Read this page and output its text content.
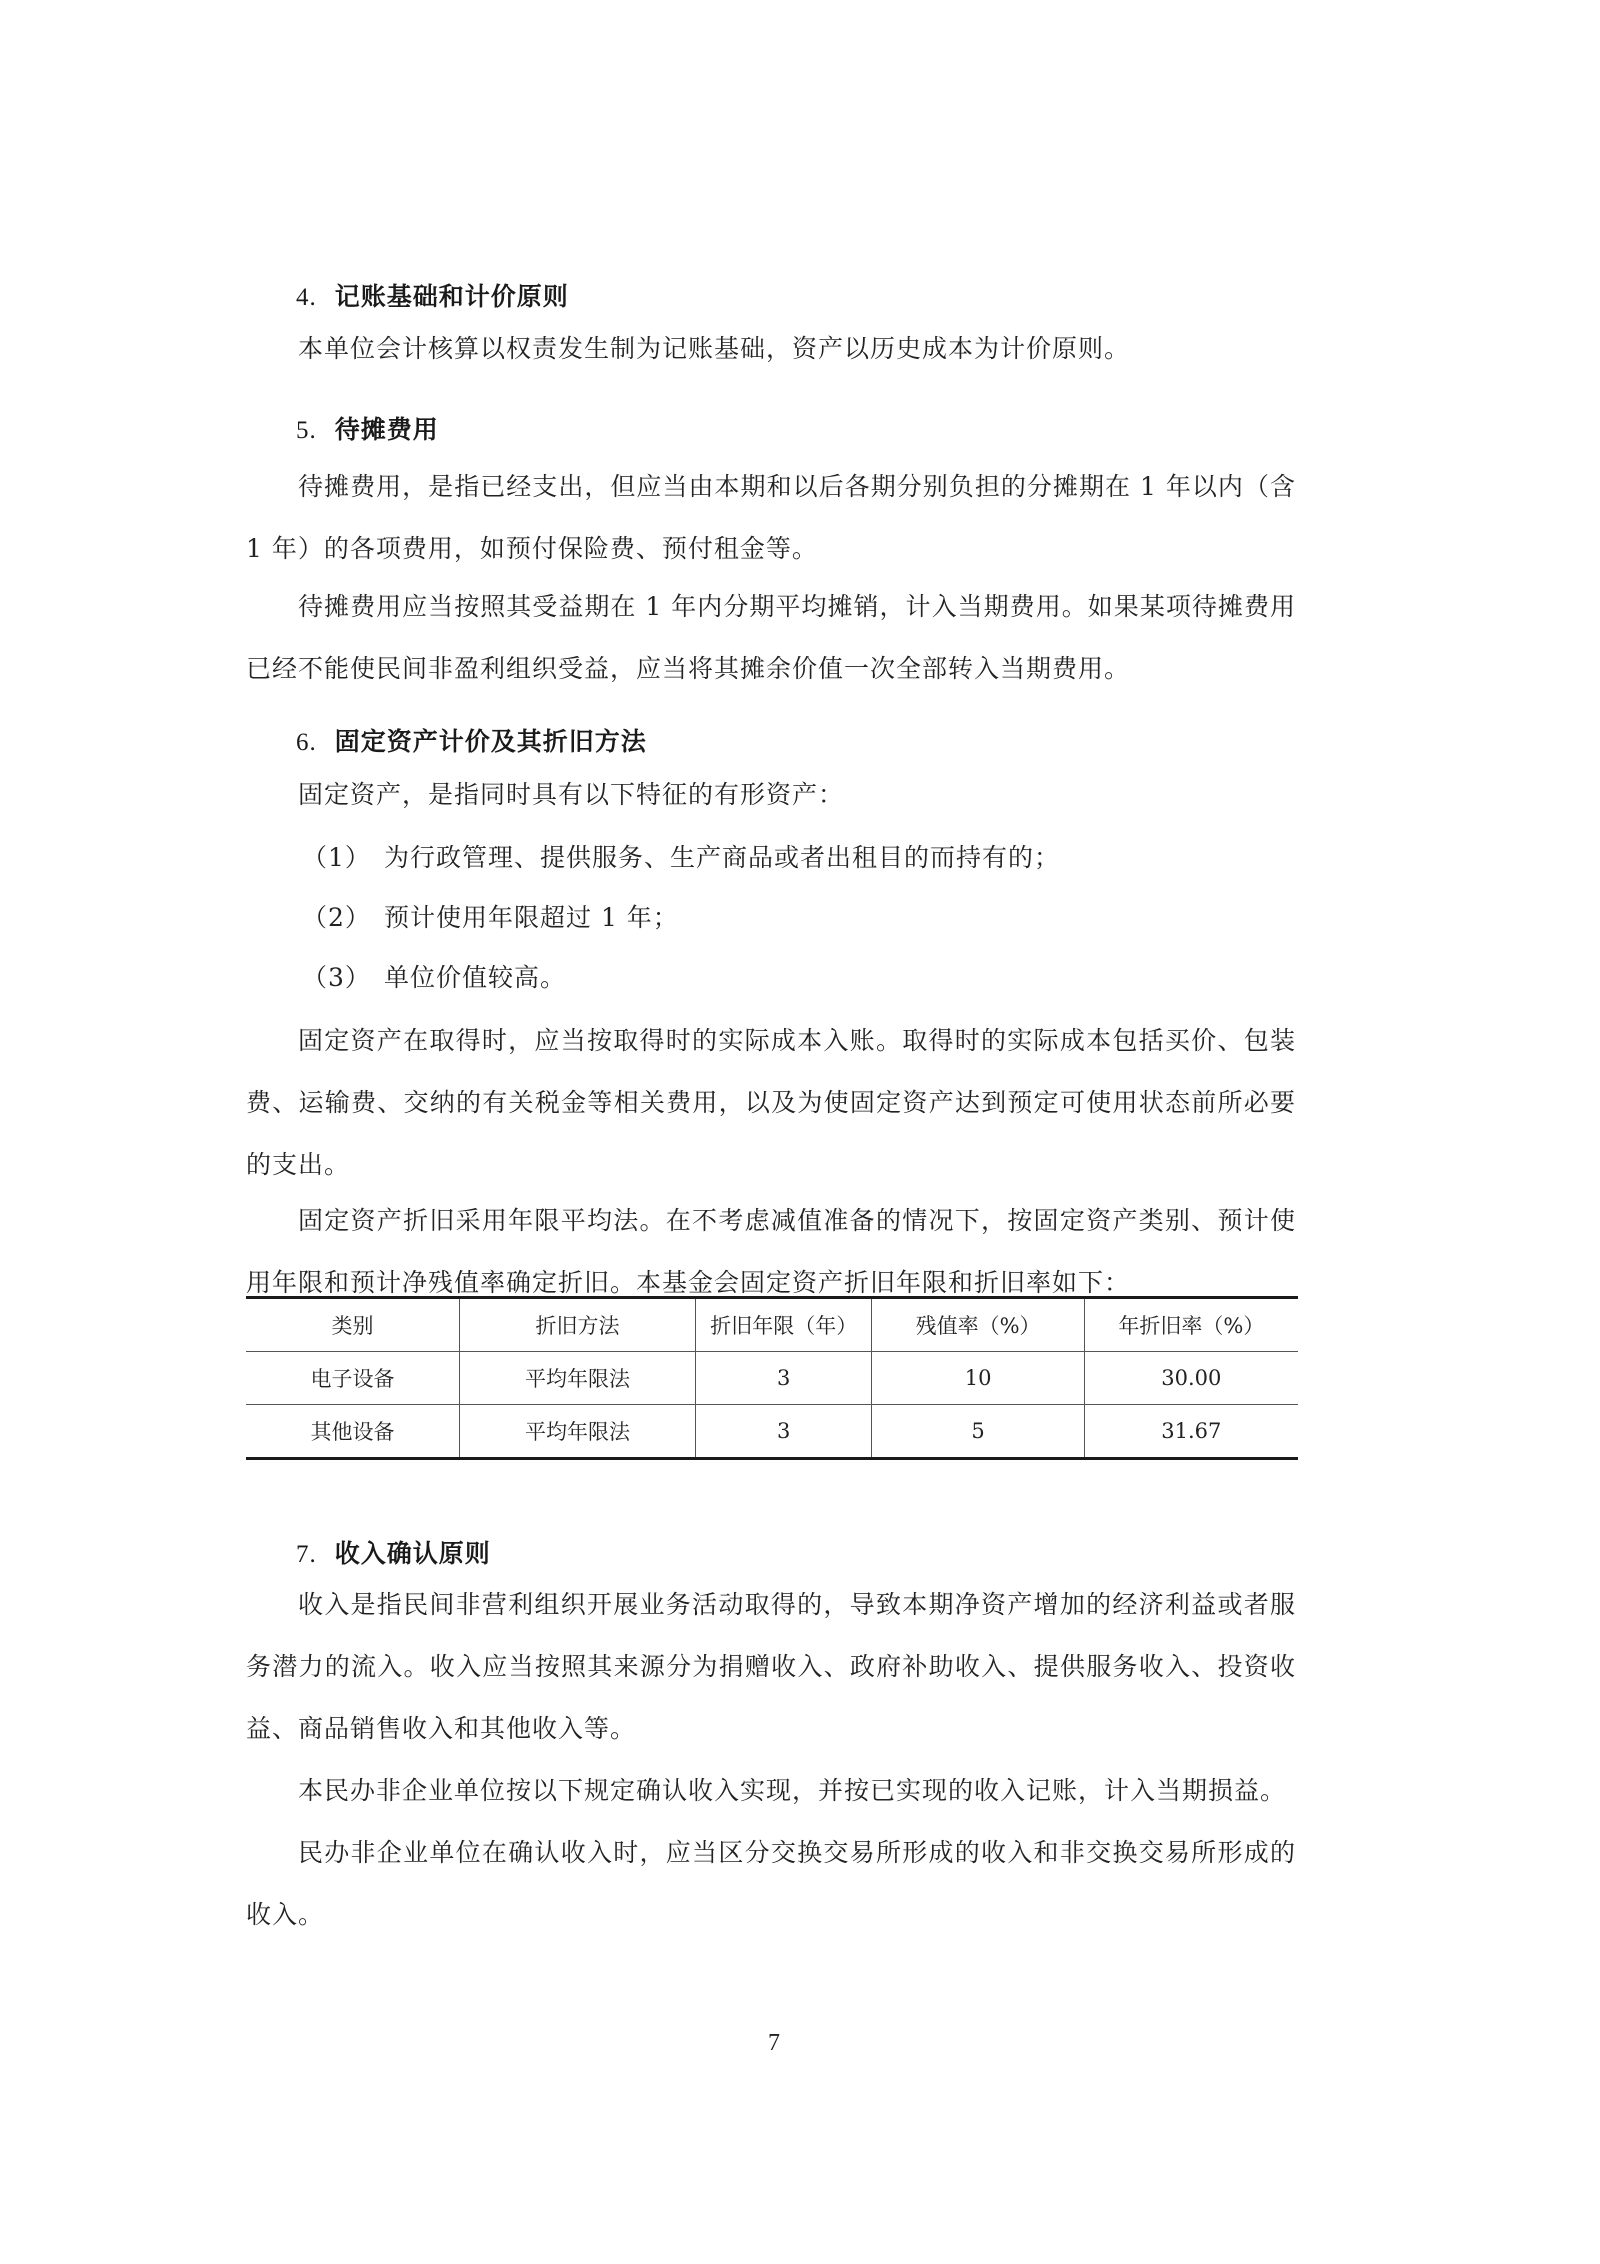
4. 记账基础和计价原则

本单位会计核算以权责发生制为记账基础，资产以历史成本为计价原则。

5. 待摊费用

待摊费用，是指已经支出，但应当由本期和以后各期分别负担的分摊期在 1 年以内（含 1 年）的各项费用，如预付保险费、预付租金等。

待摊费用应当按照其受益期在 1 年内分期平均摊销，计入当期费用。如果某项待摊费用已经不能使民间非盈利组织受益，应当将其摊余价值一次全部转入当期费用。

6. 固定资产计价及其折旧方法

固定资产，是指同时具有以下特征的有形资产：

（1） 为行政管理、提供服务、生产商品或者出租目的而持有的；
（2） 预计使用年限超过 1 年；
（3） 单位价值较高。

固定资产在取得时，应当按取得时的实际成本入账。取得时的实际成本包括买价、包装费、运输费、交纳的有关税金等相关费用，以及为使固定资产达到预定可使用状态前所必要的支出。

固定资产折旧采用年限平均法。在不考虑减值准备的情况下，按固定资产类别、预计使用年限和预计净残值率确定折旧。本基金会固定资产折旧年限和折旧率如下：

类别	折旧方法	折旧年限（年）	残值率（%）	年折旧率（%）
电子设备	平均年限法	3	10	30.00
其他设备	平均年限法	3	5	31.67
7. 收入确认原则

收入是指民间非营利组织开展业务活动取得的，导致本期净资产增加的经济利益或者服务潜力的流入。收入应当按照其来源分为捐赠收入、政府补助收入、提供服务收入、投资收益、商品销售收入和其他收入等。

本民办非企业单位按以下规定确认收入实现，并按已实现的收入记账，计入当期损益。

民办非企业单位在确认收入时，应当区分交换交易所形成的收入和非交换交易所形成的收入。

7
